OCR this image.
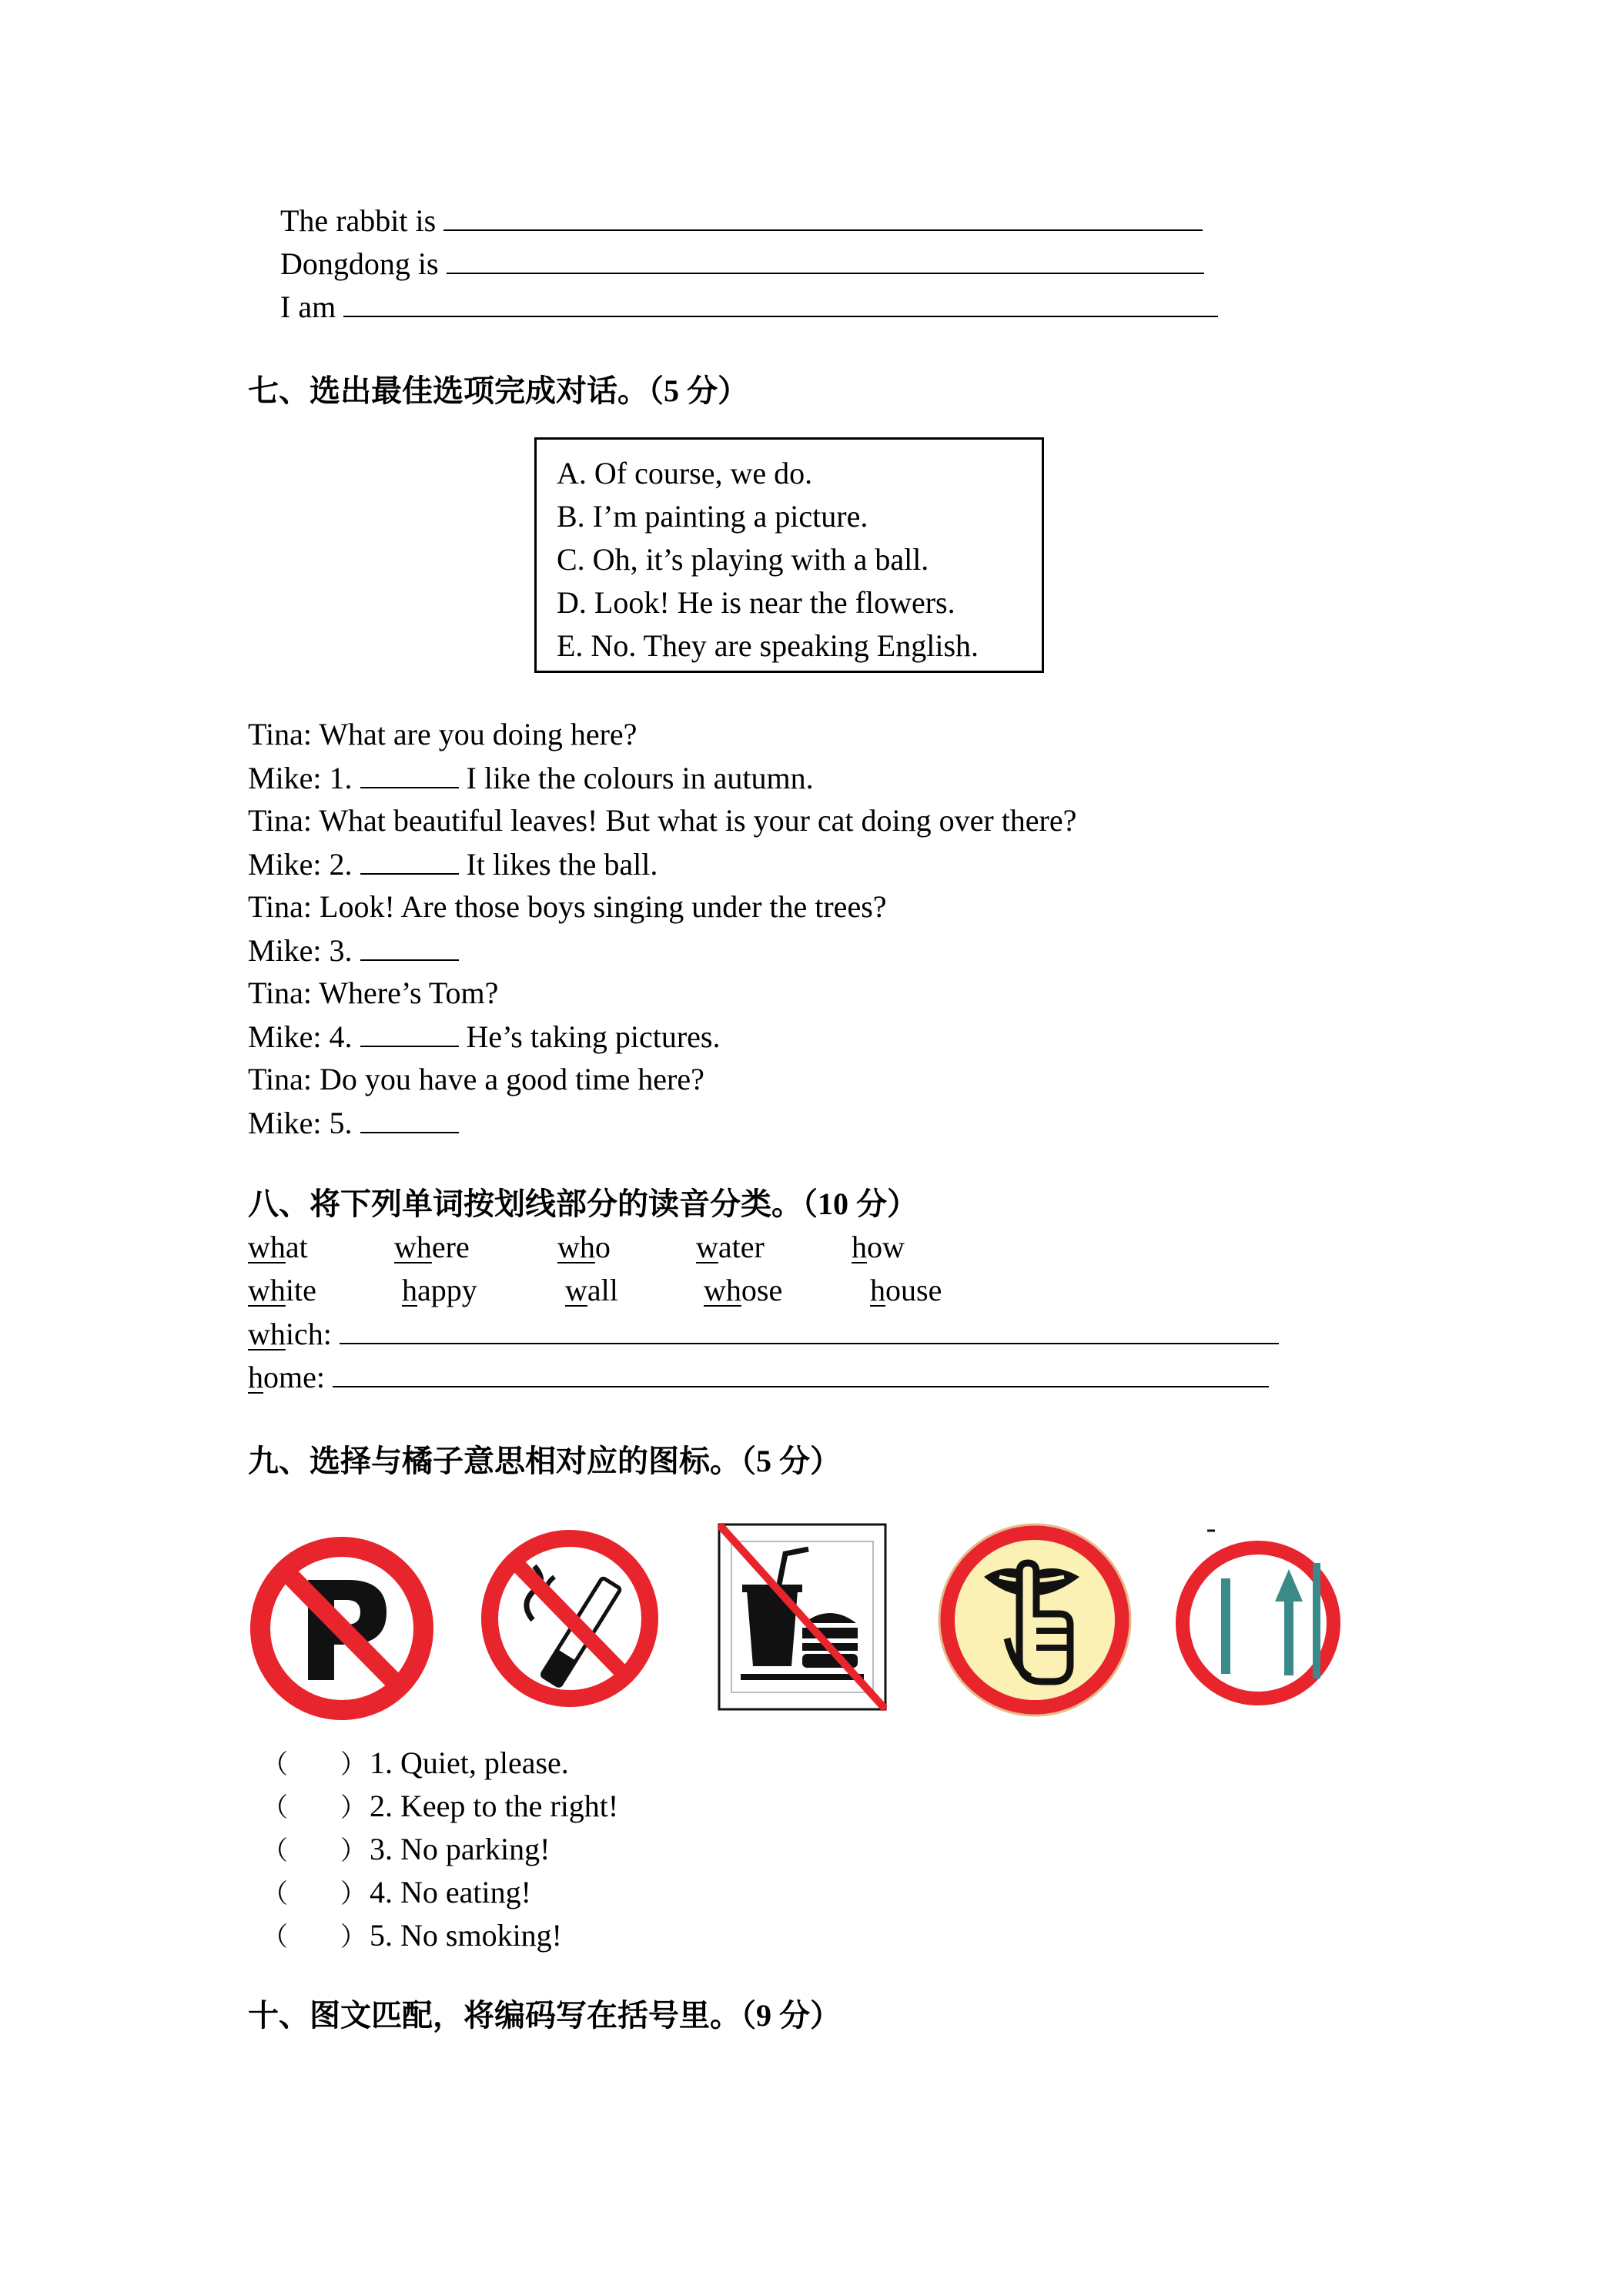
The rabbit is
Dongdong is
I am
七、选出最佳选项完成对话。（5 分）
A. Of course, we do.
B. I’m painting a picture.
C. Oh, it’s playing with a ball.
D. Look! He is near the flowers.
E. No. They are speaking English.
Tina: What are you doing here?
Mike: 1.	I like the colours in autumn.
Tina: What beautiful leaves! But what is your cat doing over there?
Mike: 2.	It likes the ball.
Tina: Look! Are those boys singing under the trees?
Mike: 3.
Tina: Where’s Tom?
Mike: 4.	He’s taking pictures.
Tina: Do you have a good time here?
Mike: 5.
八、将下列单词按划线部分的读音分类。（10 分）
what	where	who	water	how
white	happy	wall	whose	house
which:
home:
九、选择与橘子意思相对应的图标。（5 分）
（　　） 1. Quiet, please.
（　　） 2. Keep to the right!
（　　） 3. No parking!
（　　） 4. No eating!
（　　） 5. No smoking!
十、图文匹配，将编码写在括号里。（9 分）
